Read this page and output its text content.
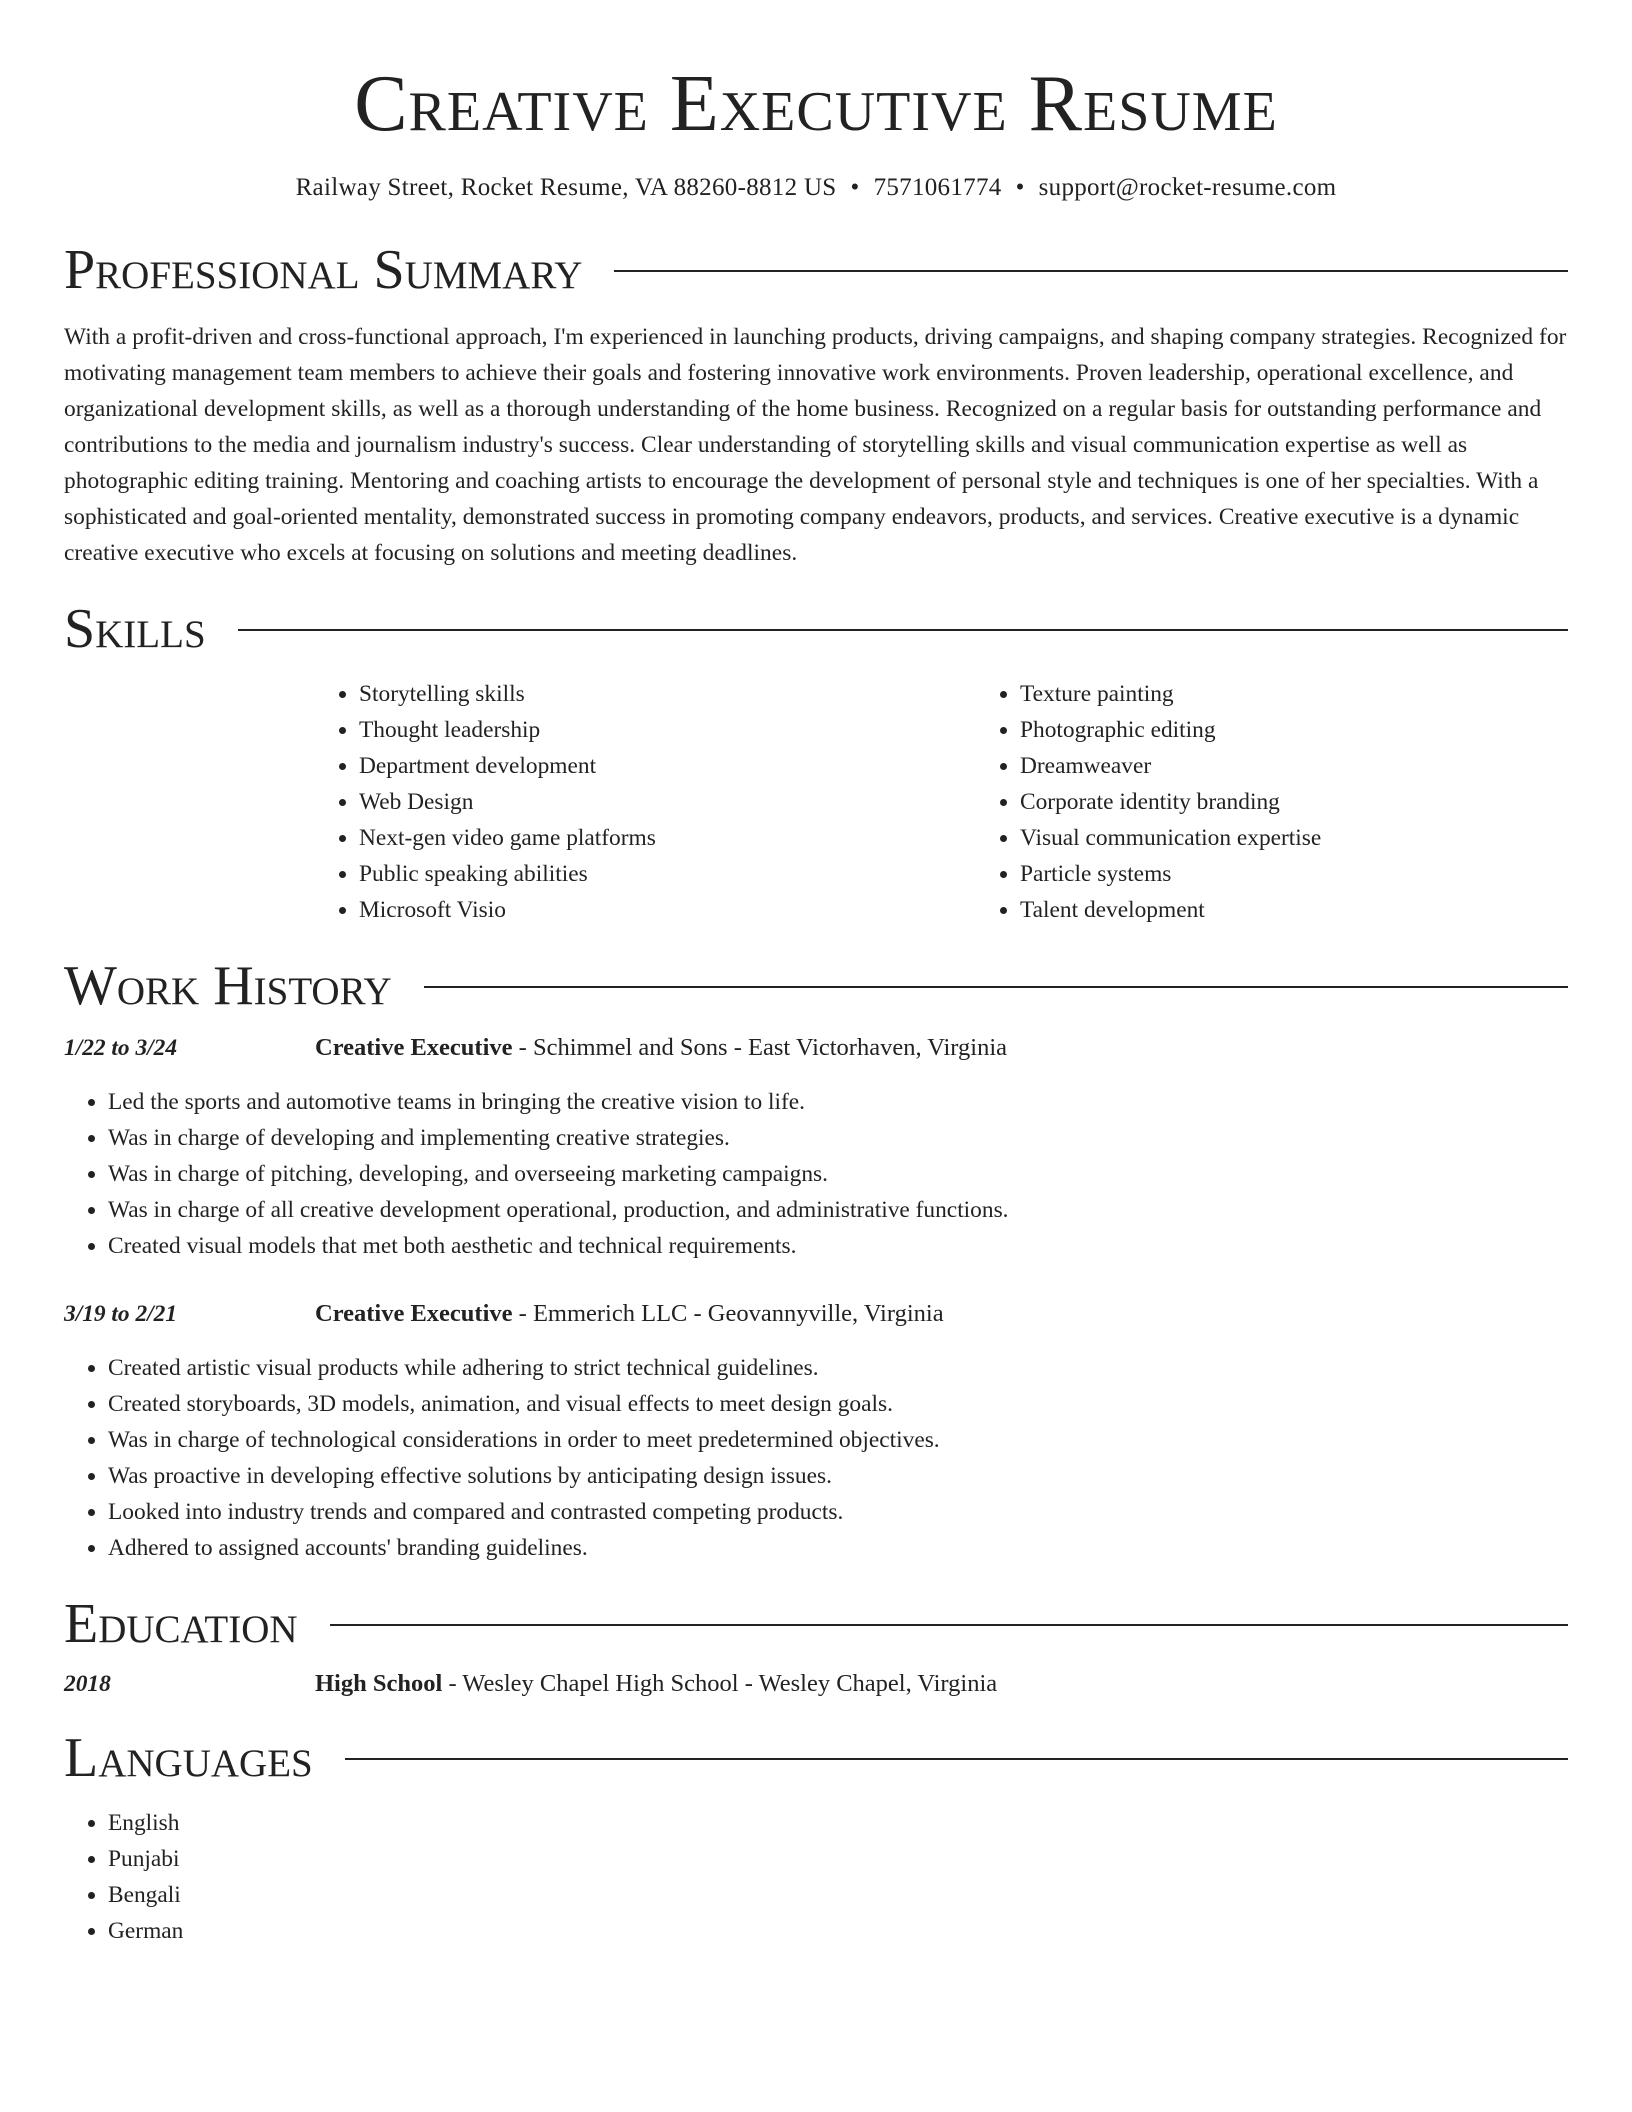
Creative Executive Resume
Railway Street, Rocket Resume, VA 88260-8812 US • 7571061774 • support@rocket-resume.com
Professional Summary

With a profit-driven and cross-functional approach, I'm experienced in launching products, driving campaigns, and shaping company strategies. Recognized for motivating management team members to achieve their goals and fostering innovative work environments. Proven leadership, operational excellence, and organizational development skills, as well as a thorough understanding of the home business. Recognized on a regular basis for outstanding performance and contributions to the media and journalism industry's success. Clear understanding of storytelling skills and visual communication expertise as well as photographic editing training. Mentoring and coaching artists to encourage the development of personal style and techniques is one of her specialties. With a sophisticated and goal-oriented mentality, demonstrated success in promoting company endeavors, products, and services. Creative executive is a dynamic creative executive who excels at focusing on solutions and meeting deadlines.

Skills
• Storytelling skills
• Thought leadership
• Department development
• Web Design
• Next-gen video game platforms
• Public speaking abilities
• Microsoft Visio
• Texture painting
• Photographic editing
• Dreamweaver
• Corporate identity branding
• Visual communication expertise
• Particle systems
• Talent development
Work History
1/22 to 3/24	Creative Executive - Schimmel and Sons - East Victorhaven, Virginia
• Led the sports and automotive teams in bringing the creative vision to life.
• Was in charge of developing and implementing creative strategies.
• Was in charge of pitching, developing, and overseeing marketing campaigns.
• Was in charge of all creative development operational, production, and administrative functions.
• Created visual models that met both aesthetic and technical requirements.
3/19 to 2/21	Creative Executive - Emmerich LLC - Geovannyville, Virginia
• Created artistic visual products while adhering to strict technical guidelines.
• Created storyboards, 3D models, animation, and visual effects to meet design goals.
• Was in charge of technological considerations in order to meet predetermined objectives.
• Was proactive in developing effective solutions by anticipating design issues.
• Looked into industry trends and compared and contrasted competing products.
• Adhered to assigned accounts' branding guidelines.
Education
2018	High School - Wesley Chapel High School - Wesley Chapel, Virginia
Languages
• English
• Punjabi
• Bengali
• German
